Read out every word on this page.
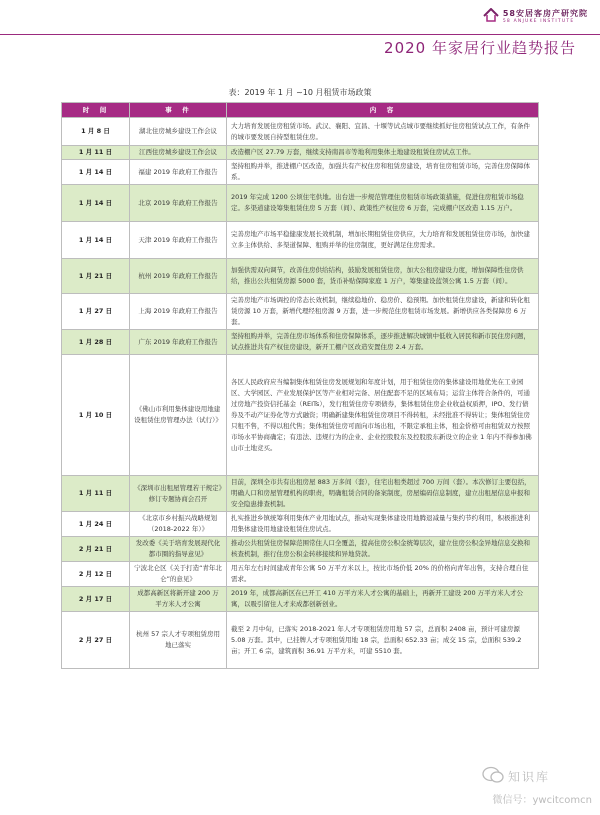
58安居客房产研究院
58 ANJUKE INSTITUTE
2020 年家居行业趋势报告
表：2019 年 1 月 ~10 月租赁市场政策
时　间	事　件	内　容
1 月 8 日	湖北住房城乡建设工作会议	大力培育发展住房租赁市场。武汉、襄阳、宜昌、十堰等试点城市要继续抓好住房租赁试点工作，有条件的城市要发展自持型租赁住房。
1 月 11 日	江西住房城乡建设工作会议	改造棚户区 27.79 万套，继续支持南昌市等地利用集体土地建设租赁住房试点工作。
1 月 14 日	福建 2019 年政府工作报告	坚持租购并举，推进棚户区改造，加强共有产权住房和租赁房建设，培育住房租赁市场，完善住房保障体系。
1 月 14 日	北京 2019 年政府工作报告	2019 年完成 1200 公顷住宅供地。出台进一步规范管理住房租赁市场政策措施，促进住房租赁市场稳定。多渠道建设筹集租赁住房 5 万套（间）、政策性产权住房 6 万套，完成棚户区改造 1.15 万户。
1 月 14 日	天津 2019 年政府工作报告	完善房地产市场平稳健康发展长效机制，增加长期租赁住房供应，大力培育和发展租赁住房市场，加快建立多主体供给、多渠道保障、租购并举的住房制度，更好满足住房需求。
1 月 21 日	杭州 2019 年政府工作报告	加强供需双向调节，改善住房供给结构，鼓励发展租赁住房，加大公租房建设力度，增加保障性住房供给，推出公共租赁房源 5000 套，货币补贴保障家庭 1 万户，筹集建设蓝领公寓 1.5 万套（间）。
1 月 27 日	上海 2019 年政府工作报告	完善房地产市场调控的常态长效机制，继续稳地价、稳房价、稳预期。加快租赁住房建设，新建和转化租赁房源 10 万套，新增代理经租房源 9 万套，进一步规范住房租赁市场发展。新增供应各类保障房 6 万套。
1 月 28 日	广东 2019 年政府工作报告	坚持租购并举，完善住房市场体系和住房保障体系，逐步推进解决城镇中低收入居民和新市民住房问题，试点推进共有产权住房建设，新开工棚户区改造安置住房 2.4 万套。
1 月 10 日	《佛山市利用集体建设用地建设租赁住房管理办法（试行）》	各区人民政府应当编制集体租赁住房发展规划和年度计划，用于租赁住房的集体建设用地优先在工业园区、大学园区、产业发展保护区等产业相对完备、居住配套不足的区域布局；运营主体符合条件的，可通过房地产投资信托基金（REITs），发行租赁住房专项债券，集体租赁住房企业收益权质押，IPO、发行债券及不动产证券化等方式融资；明确新建集体租赁住房项目不得转租，未经批准不得转让；集体租赁住房只租不售，不得以租代售；集体租赁住房可面向市场出租，不限定承租主体，租金价格可由租赁双方按照市场水平协商确定；有违法、违规行为的企业、企业控股股东及控股股东新设立的企业 1 年内不得参加佛山市土地竞买。
1 月 11 日	《深圳市出租屋管理若干规定》修订专题协商会召开	目前，深圳全市共有出租房屋 883 万多间（套），住宅出租类超过 700 万间（套）。本次修订主要包括，明确人口和房屋管理机构的职责，明确租赁合同的备案制度，房屋编码信息制度，建立出租屋信息申报和安全隐患排查机制。
1 月 24 日	《北京市乡村振兴战略规划（2018-2022 年）》	扎实推进乡镇统筹利用集体产业用地试点，推动实现集体建设用地腾退减量与集约节约利用，积极推进利用集体建设用地建设租赁住房试点。
2 月 21 日	发改委《关于培育发展现代化都市圈的指导意见》	推动公共租赁住房保障范围常住人口全覆盖，提高住房公积金统筹层次，建立住房公积金异地信息交换和核查机制，推行住房公积金转移接续和异地贷款。
2 月 12 日	宁波北仑区《关于打造“青年北仑”的意见》	用五年左右时间建成青年公寓 50 万平方米以上，按比市场价低 20% 的价格向青年出售，支持合理自住需求。
2 月 17 日	成都高新区将新开建 200 万平方米人才公寓	2019 年，成都高新区在已开工 410 万平方米人才公寓的基础上，再新开工建设 200 万平方米人才公寓，以吸引留住人才来成都创新创业。
2 月 27 日	杭州 57 宗人才专项租赁房用地已落实	截至 2 月中旬，已落实 2018-2021 年人才专项租赁房用地 57 宗，总面积 2408 亩，预计可建房源 5.08 万套。其中，已挂牌人才专项租赁用地 18 宗，总面积 652.33 亩；成交 15 宗，总面积 539.2 亩；开工 6 宗，建筑面积 36.91 万平方米，可建 5510 套。
知识库
微信号：ywcitcomcn
